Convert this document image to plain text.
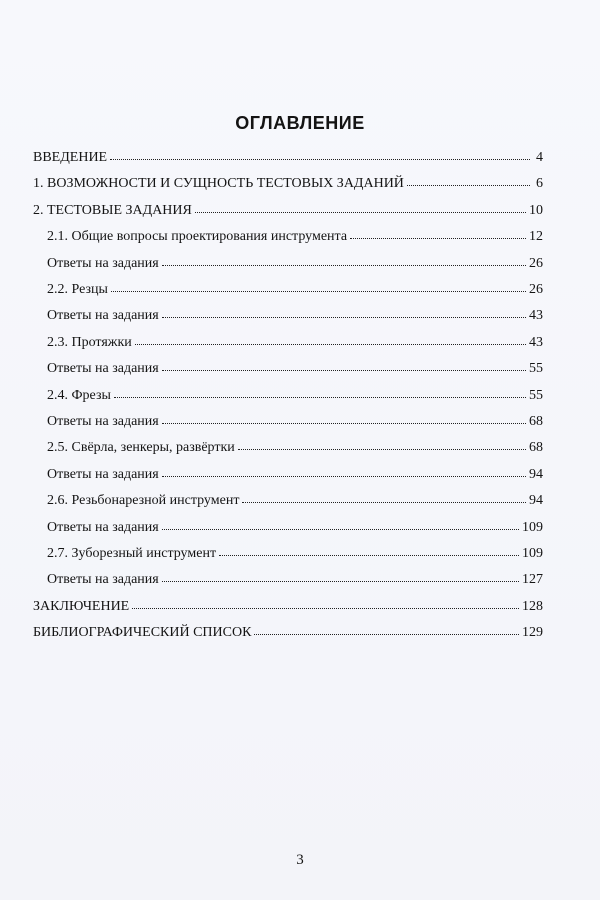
ОГЛАВЛЕНИЕ
ВВЕДЕНИЕ	4
1. ВОЗМОЖНОСТИ И СУЩНОСТЬ ТЕСТОВЫХ ЗАДАНИЙ	6
2. ТЕСТОВЫЕ ЗАДАНИЯ	10
2.1. Общие вопросы проектирования инструмента	12
Ответы на задания	26
2.2. Резцы	26
Ответы на задания	43
2.3. Протяжки	43
Ответы на задания	55
2.4. Фрезы	55
Ответы на задания	68
2.5. Свёрла, зенкеры, развёртки	68
Ответы на задания	94
2.6. Резьбонарезной инструмент	94
Ответы на задания	109
2.7. Зуборезный инструмент	109
Ответы на задания	127
ЗАКЛЮЧЕНИЕ	128
БИБЛИОГРАФИЧЕСКИЙ СПИСОК	129
3
